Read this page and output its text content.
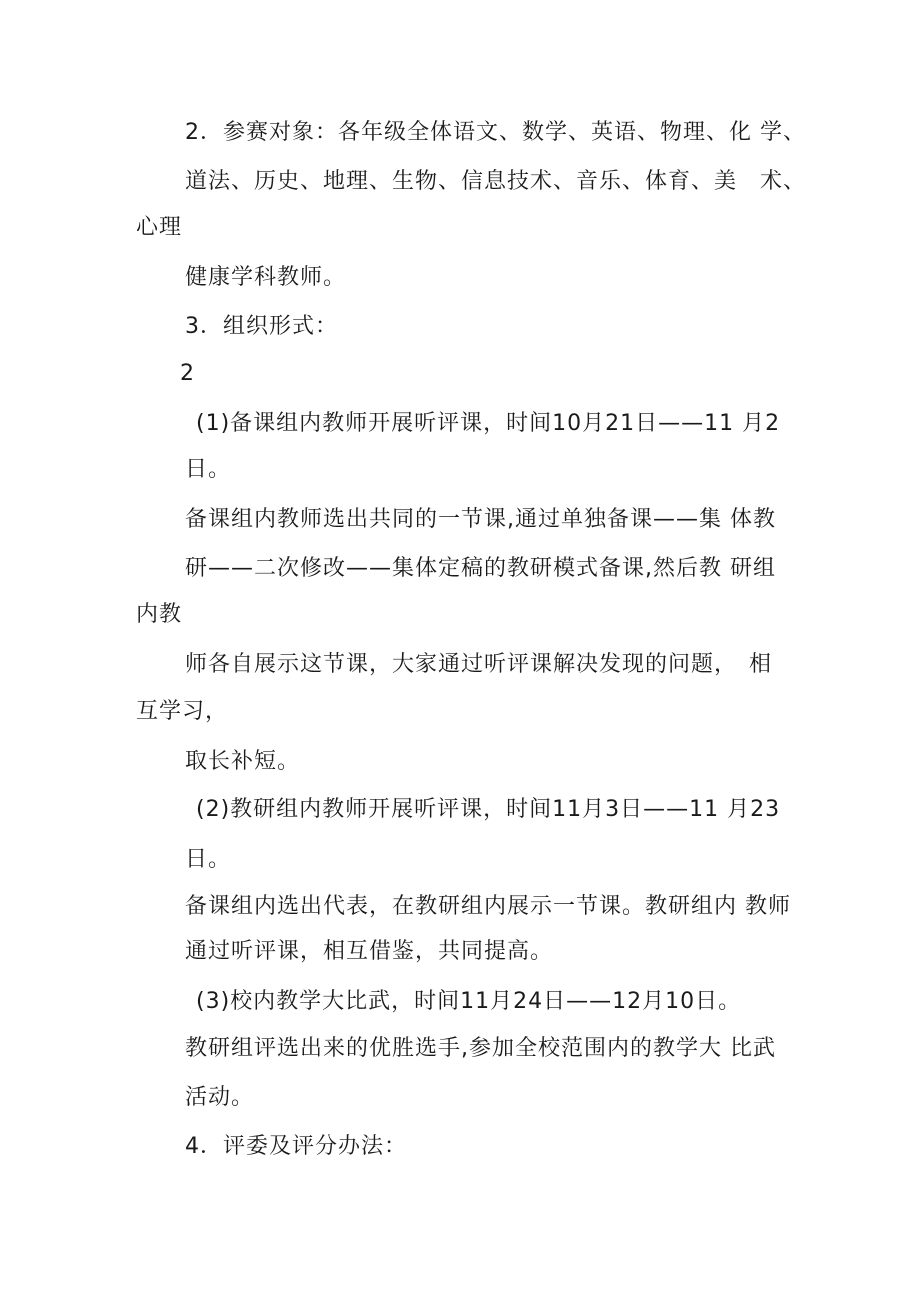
2．参赛对象：各年级全体语文、数学、英语、物理、化 学、

道法、历史、地理、生物、信息技术、音乐、体育、美　术、

心理

健康学科教师。

3．组织形式：

2

(1)备课组内教师开展听评课，时间10月21日——11 月2

日。

备课组内教师选出共同的一节课,通过单独备课——集 体教

研——二次修改——集体定稿的教研模式备课,然后教 研组

内教

师各自展示这节课，大家通过听评课解决发现的问题，　相

互学习，

取长补短。

(2)教研组内教师开展听评课，时间11月3日——11 月23

日。

备课组内选出代表，在教研组内展示一节课。教研组内 教师

通过听评课，相互借鉴，共同提高。

(3)校内教学大比武，时间11月24日——12月10日。

教研组评选出来的优胜选手,参加全校范围内的教学大 比武

活动。

4．评委及评分办法：
